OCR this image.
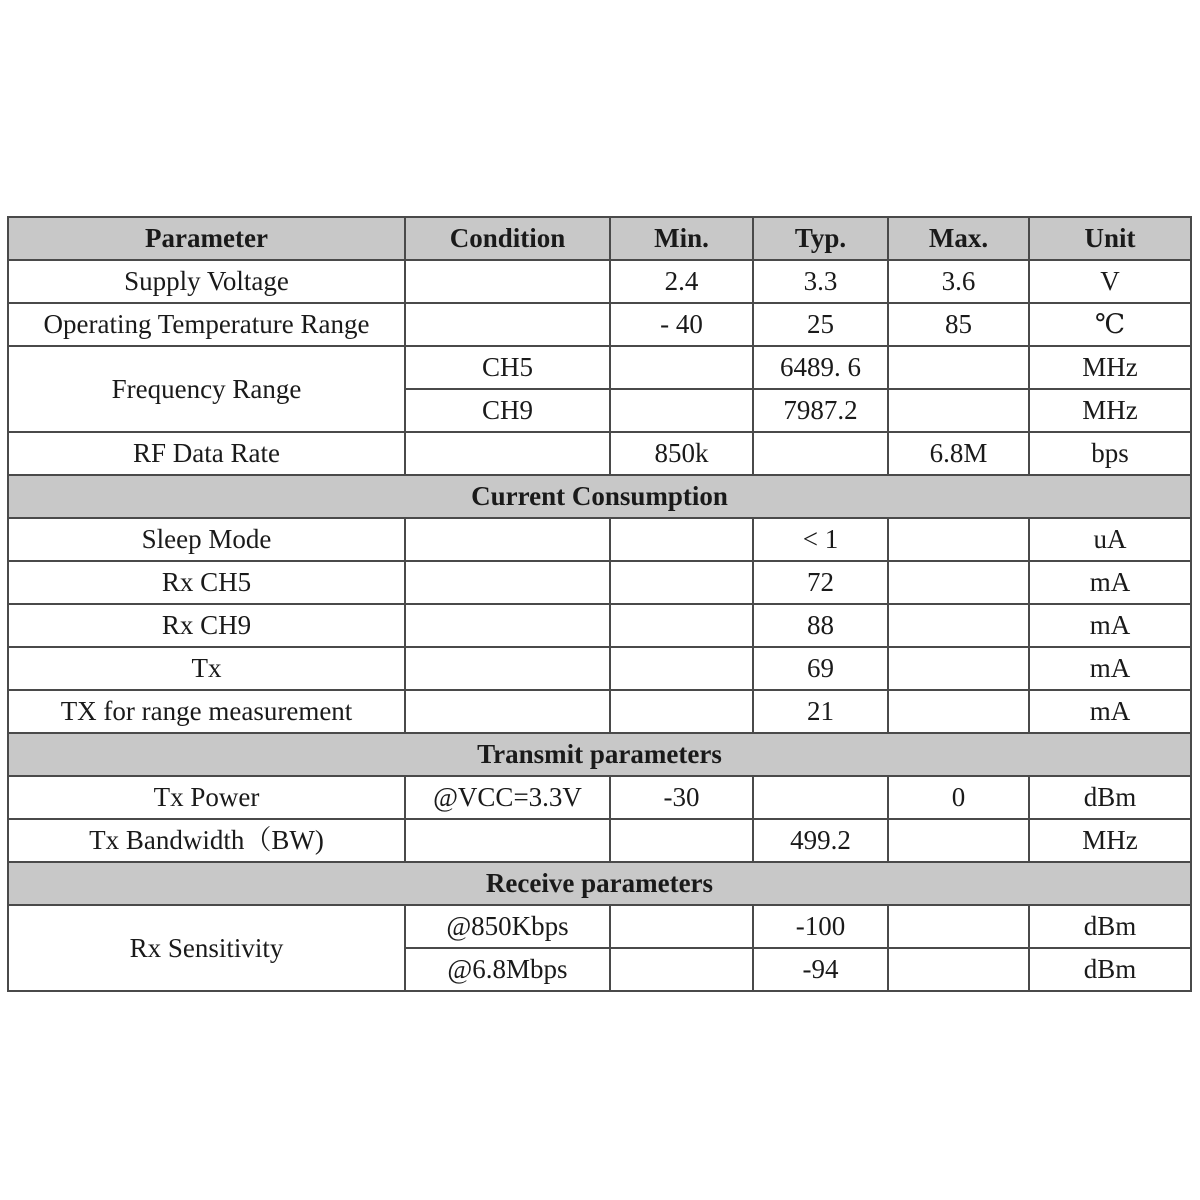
Parameter	Condition	Min.	Typ.	Max.	Unit
Supply Voltage		2.4	3.3	3.6	V
Operating Temperature Range		- 40	25	85	℃
Frequency Range	CH5		6489. 6		MHz
	CH9		7987.2		MHz
RF Data Rate		850k		6.8M	bps
Current Consumption					
Sleep Mode			< 1		uA
Rx CH5			72		mA
Rx CH9			88		mA
Tx			69		mA
TX for range measurement			21		mA
Transmit parameters					
Tx Power	@VCC=3.3V	-30		0	dBm
Tx Bandwidth（BW)			499.2		MHz
Receive parameters					
Rx Sensitivity	@850Kbps		-100		dBm
	@6.8Mbps		-94		dBm
